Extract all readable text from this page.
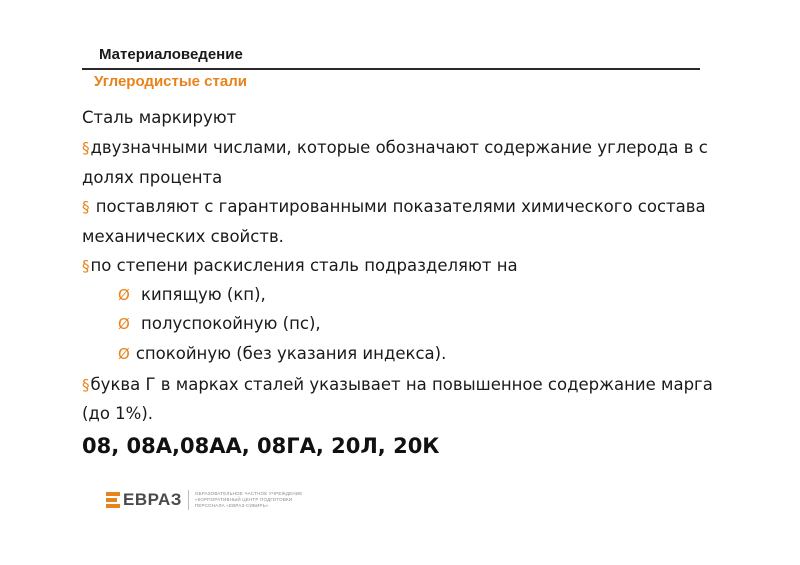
Материаловедение
Углеродистые стали
Сталь маркируют
§двузначными числами, которые обозначают содержание углерода в с
долях процента
§ поставляют с гарантированными показателями химического состава
механических свойств.
§по степени раскисления сталь подразделяют на
Ø кипящую (кп),
Ø полуспокойную (пс),
Ø спокойную (без указания индекса).
§буква Г в марках сталей указывает на повышенное содержание марга
(до 1%).
08, 08А,08АА, 08ГА, 20Л, 20К
ЕВРАЗ	ОБРАЗОВАТЕЛЬНОЕ ЧАСТНОЕ УЧРЕЖДЕНИЕ
«КОРПОРАТИВНЫЙ ЦЕНТР ПОДГОТОВКИ
ПЕРСОНАЛА «ЕВРАЗ-СИБИРЬ»
